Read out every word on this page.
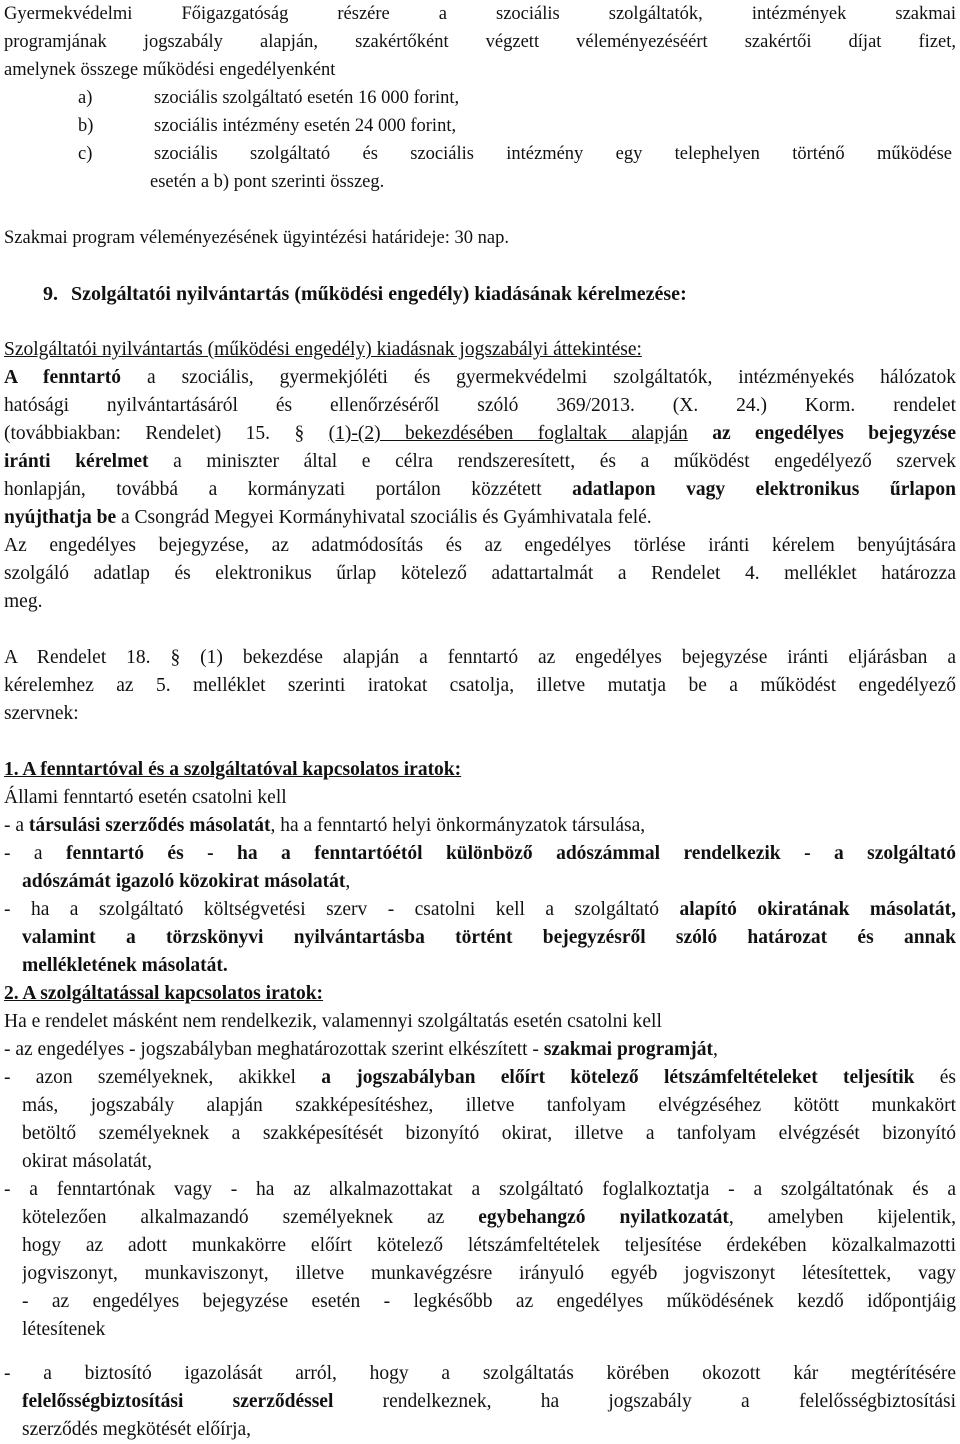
Gyermekvédelmi Főigazgatóság részére a szociális szolgáltatók, intézmények szakmai
programjának jogszabály alapján, szakértőként végzett véleményezéséért szakértői díjat fizet,
amelynek összege működési engedélyenként
a)	szociális szolgáltató esetén 16 000 forint,
b)	szociális intézmény esetén 24 000 forint,
c)	szociális szolgáltató és szociális intézmény egy telephelyen történő működése
esetén a b) pont szerinti összeg.
Szakmai program véleményezésének ügyintézési határideje: 30 nap.
9. Szolgáltatói nyilvántartás (működési engedély) kiadásának kérelmezése:
Szolgáltatói nyilvántartás (működési engedély) kiadásnak jogszabályi áttekintése:
A fenntartó a szociális, gyermekjóléti és gyermekvédelmi szolgáltatók, intézményekés hálózatok
hatósági nyilvántartásáról és ellenőrzéséről szóló 369/2013. (X. 24.) Korm. rendelet
(továbbiakban: Rendelet) 15. § (1)-(2) bekezdésében foglaltak alapján az engedélyes bejegyzése
iránti kérelmet a miniszter által e célra rendszeresített, és a működést engedélyező szervek
honlapján, továbbá a kormányzati portálon közzétett adatlapon vagy elektronikus űrlapon
nyújthatja be a Csongrád Megyei Kormányhivatal szociális és Gyámhivatala felé.
Az engedélyes bejegyzése, az adatmódosítás és az engedélyes törlése iránti kérelem benyújtására
szolgáló adatlap és elektronikus űrlap kötelező adattartalmát a Rendelet 4. melléklet határozza
meg.
A Rendelet 18. § (1) bekezdése alapján a fenntartó az engedélyes bejegyzése iránti eljárásban a
kérelemhez az 5. melléklet szerinti iratokat csatolja, illetve mutatja be a működést engedélyező
szervnek:
1. A fenntartóval és a szolgáltatóval kapcsolatos iratok:
Állami fenntartó esetén csatolni kell
- a társulási szerződés másolatát, ha a fenntartó helyi önkormányzatok társulása,
- a fenntartó és - ha a fenntartóétól különböző adószámmal rendelkezik - a szolgáltató
adószámát igazoló közokirat másolatát,
- ha a szolgáltató költségvetési szerv - csatolni kell a szolgáltató alapító okiratának másolatát,
valamint a törzskönyvi nyilvántartásba történt bejegyzésről szóló határozat és annak
mellékletének másolatát.
2. A szolgáltatással kapcsolatos iratok:
Ha e rendelet másként nem rendelkezik, valamennyi szolgáltatás esetén csatolni kell
- az engedélyes - jogszabályban meghatározottak szerint elkészített - szakmai programját,
- azon személyeknek, akikkel a jogszabályban előírt kötelező létszámfeltételeket teljesítik és
más, jogszabály alapján szakképesítéshez, illetve tanfolyam elvégzéséhez kötött munkakört
betöltő személyeknek a szakképesítését bizonyító okirat, illetve a tanfolyam elvégzését bizonyító
okirat másolatát,
- a fenntartónak vagy - ha az alkalmazottakat a szolgáltató foglalkoztatja - a szolgáltatónak és a
kötelezően alkalmazandó személyeknek az egybehangzó nyilatkozatát, amelyben kijelentik,
hogy az adott munkakörre előírt kötelező létszámfeltételek teljesítése érdekében közalkalmazotti
jogviszonyt, munkaviszonyt, illetve munkavégzésre irányuló egyéb jogviszonyt létesítettek, vagy
- az engedélyes bejegyzése esetén - legkésőbb az engedélyes működésének kezdő időpontjáig
létesítenek
- a biztosító igazolását arról, hogy a szolgáltatás körében okozott kár megtérítésére
felelősségbiztosítási szerződéssel rendelkeznek, ha jogszabály a felelősségbiztosítási
szerződés megkötését előírja,
